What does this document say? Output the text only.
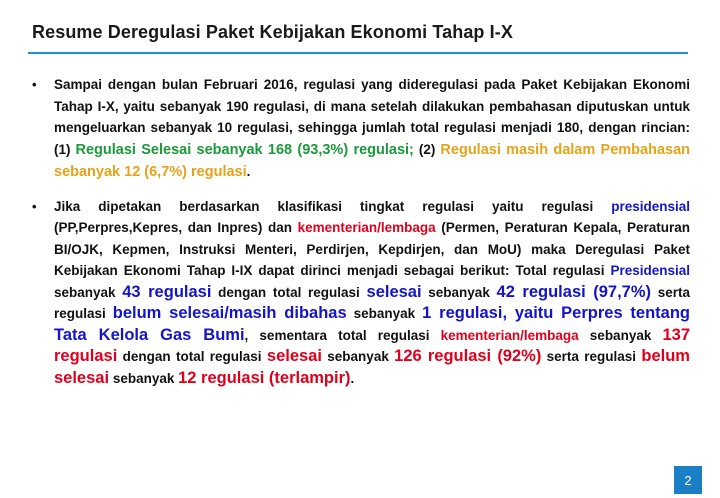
Resume Deregulasi Paket Kebijakan Ekonomi Tahap I-X
• Sampai dengan bulan Februari 2016, regulasi yang dideregulasi pada Paket Kebijakan Ekonomi Tahap I-X, yaitu sebanyak 190 regulasi, di mana setelah dilakukan pembahasan diputuskan untuk mengeluarkan sebanyak 10 regulasi, sehingga jumlah total regulasi menjadi 180, dengan rincian: (1) Regulasi Selesai sebanyak 168 (93,3%) regulasi; (2) Regulasi masih dalam Pembahasan sebanyak 12 (6,7%) regulasi.
• Jika dipetakan berdasarkan klasifikasi tingkat regulasi yaitu regulasi presidensial (PP,Perpres,Kepres, dan Inpres) dan kementerian/lembaga (Permen, Peraturan Kepala, Peraturan BI/OJK, Kepmen, Instruksi Menteri, Perdirjen, Kepdirjen, dan MoU) maka Deregulasi Paket Kebijakan Ekonomi Tahap I-IX dapat dirinci menjadi sebagai berikut: Total regulasi Presidensial sebanyak 43 regulasi dengan total regulasi selesai sebanyak 42 regulasi (97,7%) serta regulasi belum selesai/masih dibahas sebanyak 1 regulasi, yaitu Perpres tentang Tata Kelola Gas Bumi, sementara total regulasi kementerian/lembaga sebanyak 137 regulasi dengan total regulasi selesai sebanyak 126 regulasi (92%) serta regulasi belum selesai sebanyak 12 regulasi (terlampir).
2
